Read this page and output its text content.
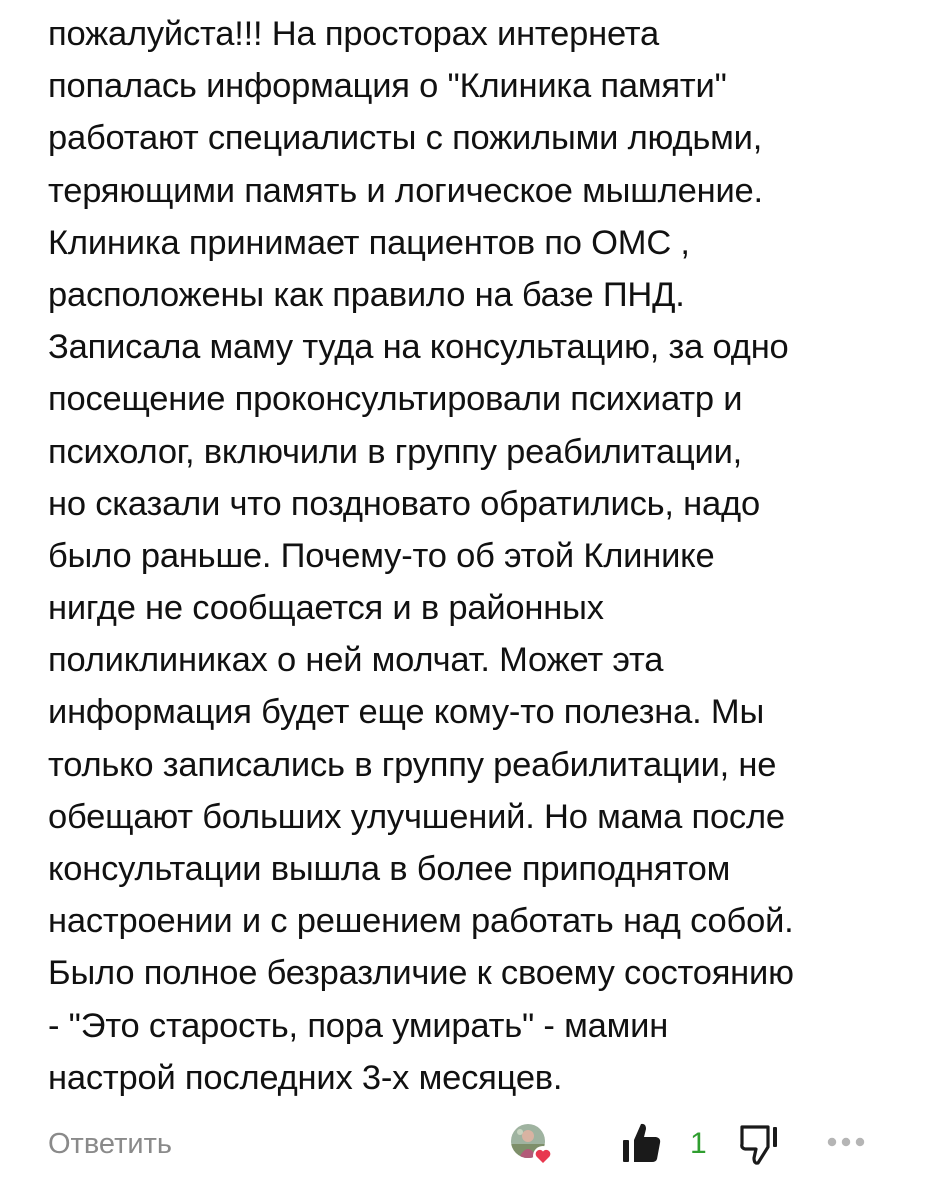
пожалуйста!!! На просторах интернета
попалась информация о "Клиника памяти"
работают специалисты с пожилыми людьми,
теряющими память и логическое мышление.
Клиника принимает пациентов по ОМС ,
расположены как правило на базе ПНД.
Записала маму туда на консультацию, за одно
посещение проконсультировали психиатр и
психолог, включили в группу реабилитации,
но сказали что поздновато обратились, надо
было раньше. Почему-то об этой Клинике
нигде не сообщается и в районных
поликлиниках о ней молчат. Может эта
информация будет еще кому-то полезна. Мы
только записались в группу реабилитации, не
обещают больших улучшений. Но мама после
консультации вышла в более приподнятом
настроении и с решением работать над собой.
Было полное безразличие к своему состоянию
- "Это старость, пора умирать" - мамин
настрой последних 3-х месяцев.
Ответить	1
